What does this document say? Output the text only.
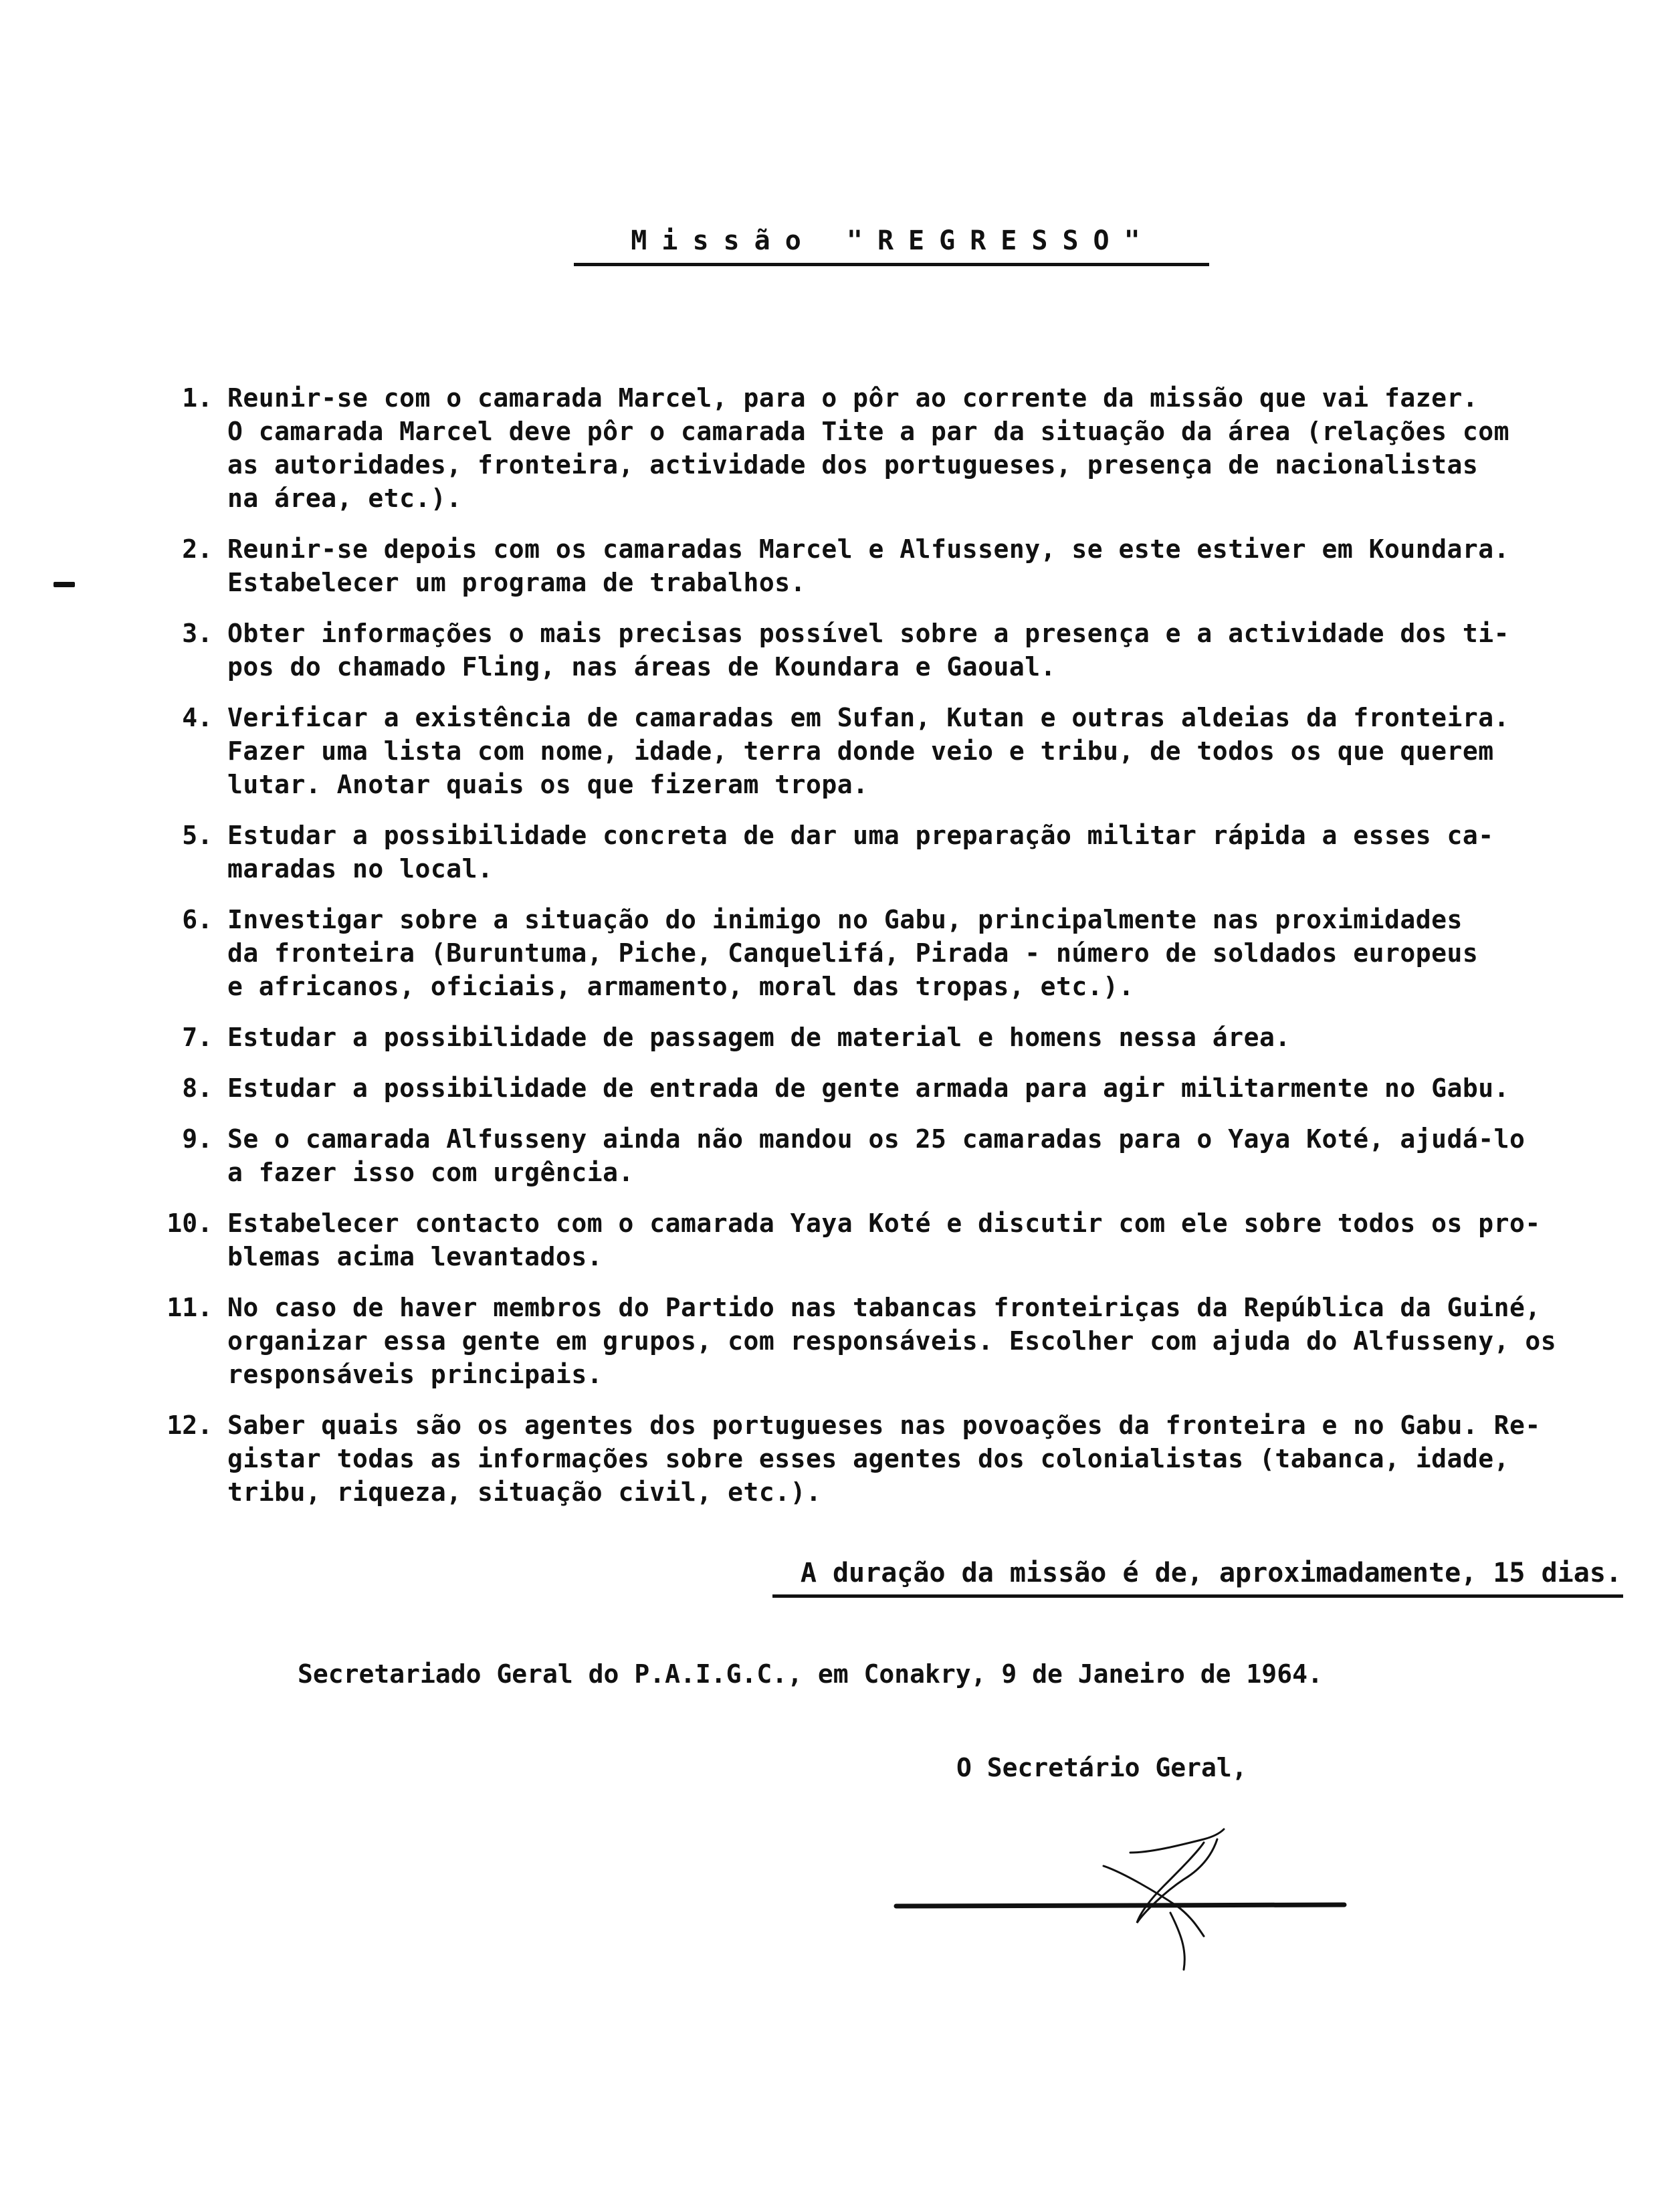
Missão "REGRESSO"
1. Reunir-se com o camarada Marcel, para o pôr ao corrente da missão que vai fazer.
O camarada Marcel deve pôr o camarada Tite a par da situação da área (relações com
as autoridades, fronteira, actividade dos portugueses, presença de nacionalistas
na área, etc.).
2. Reunir-se depois com os camaradas Marcel e Alfusseny, se este estiver em Koundara.
Estabelecer um programa de trabalhos.
3. Obter informações o mais precisas possível sobre a presença e a actividade dos ti-
pos do chamado Fling, nas áreas de Koundara e Gaoual.
4. Verificar a existência de camaradas em Sufan, Kutan e outras aldeias da fronteira.
Fazer uma lista com nome, idade, terra donde veio e tribu, de todos os que querem
lutar. Anotar quais os que fizeram tropa.
5. Estudar a possibilidade concreta de dar uma preparação militar rápida a esses ca-
maradas no local.
6. Investigar sobre a situação do inimigo no Gabu, principalmente nas proximidades
da fronteira (Buruntuma, Piche, Canquelifá, Pirada - número de soldados europeus
e africanos, oficiais, armamento, moral das tropas, etc.).
7. Estudar a possibilidade de passagem de material e homens nessa área.
8. Estudar a possibilidade de entrada de gente armada para agir militarmente no Gabu.
9. Se o camarada Alfusseny ainda não mandou os 25 camaradas para o Yaya Koté, ajudá-lo
a fazer isso com urgência.
10. Estabelecer contacto com o camarada Yaya Koté e discutir com ele sobre todos os pro-
blemas acima levantados.
11. No caso de haver membros do Partido nas tabancas fronteiriças da República da Guiné,
organizar essa gente em grupos, com responsáveis. Escolher com ajuda do Alfusseny, os
responsáveis principais.
12. Saber quais são os agentes dos portugueses nas povoações da fronteira e no Gabu. Re-
gistar todas as informações sobre esses agentes dos colonialistas (tabanca, idade,
tribu, riqueza, situação civil, etc.).
A duração da missão é de, aproximadamente, 15 dias.
Secretariado Geral do P.A.I.G.C., em Conakry, 9 de Janeiro de 1964.
O Secretário Geral,
